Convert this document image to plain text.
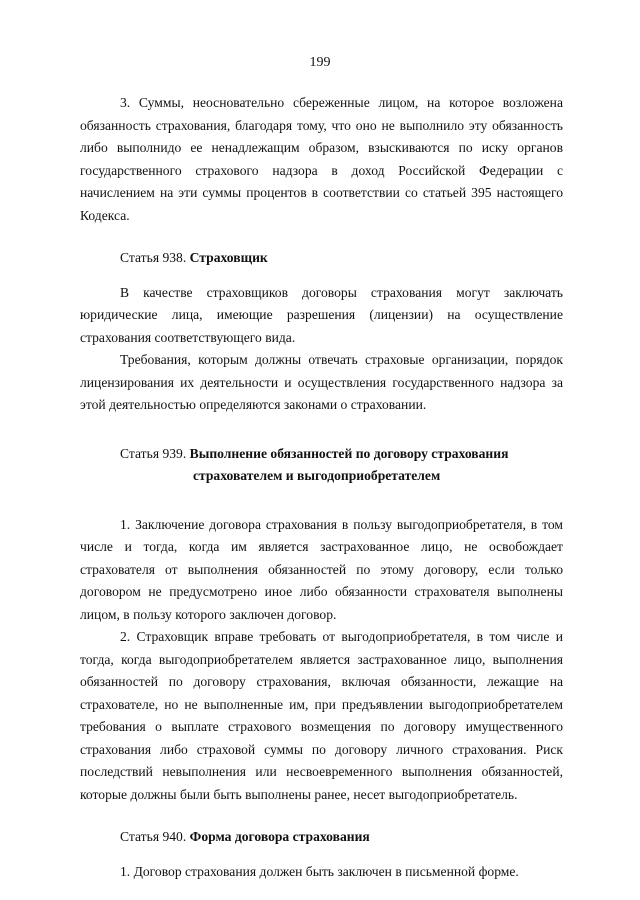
199

3. Суммы, неосновательно сбереженные лицом, на которое возложена обязанность страхования, благодаря тому, что оно не выполнило эту обязанность либо выполнидо ее ненадлежащим образом, взыскиваются по иску органов государственного страхового надзора в доход Российской Федерации с начислением на эти суммы процентов в соответствии со статьей 395 настоящего Кодекса.

Статья 938. Страховщик

В качестве страховщиков договоры страхования могут заключать юридические лица, имеющие разрешения (лицензии) на осуществление страхования соответствующего вида.

Требования, которым должны отвечать страховые организации, порядок лицензирования их деятельности и осуществления государственного надзора за этой деятельностью определяются законами о страховании.

Статья 939. Выполнение обязанностей по договору страхования
страхователем и выгодоприобретателем

1. Заключение договора страхования в пользу выгодоприобретателя, в том числе и тогда, когда им является застрахованное лицо, не освобождает страхователя от выполнения обязанностей по этому договору, если только договором не предусмотрено иное либо обязанности страхователя выполнены лицом, в пользу которого заключен договор.

2. Страховщик вправе требовать от выгодоприобретателя, в том числе и тогда, когда выгодоприобретателем является застрахованное лицо, выполнения обязанностей по договору страхования, включая обязанности, лежащие на страхователе, но не выполненные им, при предъявлении выгодоприобретателем требования о выплате страхового возмещения по договору имущественного страхования либо страховой суммы по договору личного страхования. Риск последствий невыполнения или несвоевременного выполнения обязанностей, которые должны были быть выполнены ранее, несет выгодоприобретатель.

Статья 940. Форма договора страхования

1. Договор страхования должен быть заключен в письменной форме.
